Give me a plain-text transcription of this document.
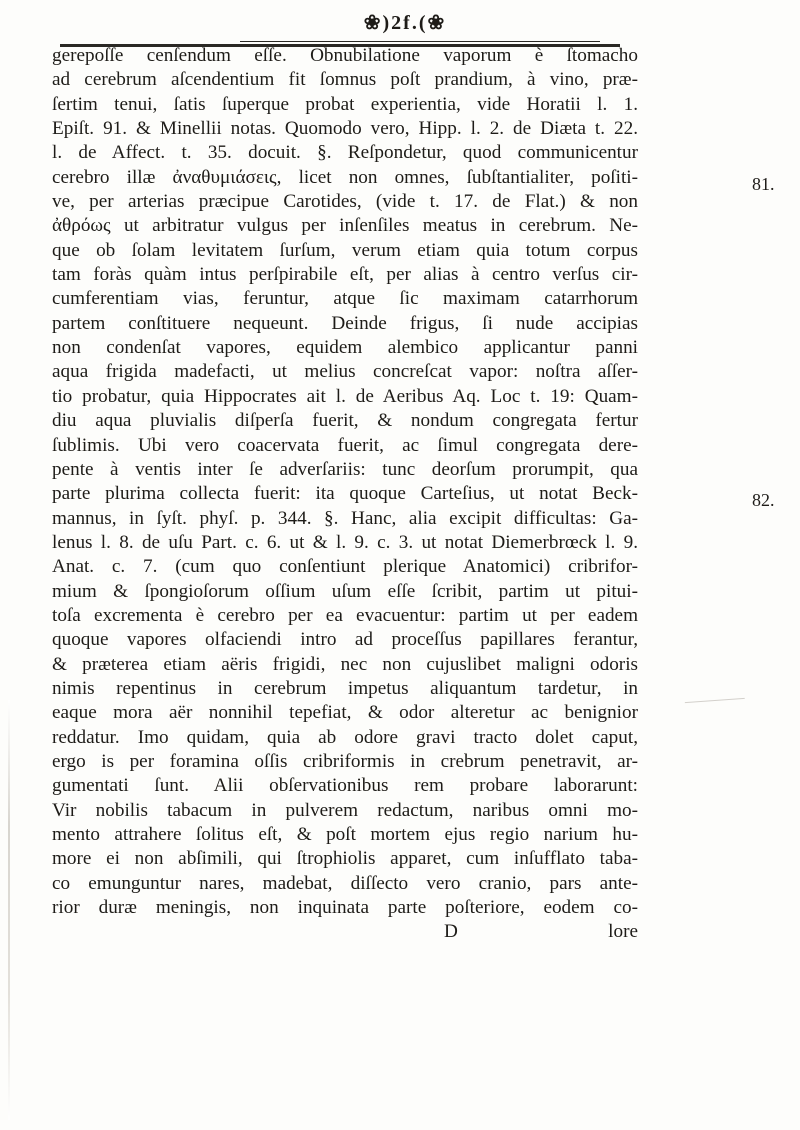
❀)2f.(❀
gerepoſſe cenſendum eſſe. Obnubilatione vaporum è ſtomacho
ad cerebrum aſcendentium fit ſomnus poſt prandium, à vino, præ-
ſertim tenui, ſatis ſuperque probat experientia, vide Horatii l. 1.
Epiſt. 91. & Minellii notas. Quomodo vero, Hipp. l. 2. de Diæta t. 22.
l. de Affect. t. 35. docuit. §. Reſpondetur, quod communicentur
cerebro illæ ἀναθυμιάσεις, licet non omnes, ſubſtantialiter, poſiti-
ve, per arterias præcipue Carotides, (vide t. 17. de Flat.) & non
ἀθρόως ut arbitratur vulgus per inſenſiles meatus in cerebrum. Ne-
que ob ſolam levitatem ſurſum, verum etiam quia totum corpus
tam foràs quàm intus perſpirabile eſt, per alias à centro verſus cir-
cumferentiam vias, feruntur, atque ſic maximam catarrhorum
partem conſtituere nequeunt. Deinde frigus, ſi nude accipias
non condenſat vapores, equidem alembico applicantur panni
aqua frigida madefacti, ut melius concreſcat vapor: noſtra aſſer-
tio probatur, quia Hippocrates ait l. de Aeribus Aq. Loc t. 19: Quam-
diu aqua pluvialis diſperſa fuerit, & nondum congregata fertur
ſublimis. Ubi vero coacervata fuerit, ac ſimul congregata dere-
pente à ventis inter ſe adverſariis: tunc deorſum prorumpit, qua
parte plurima collecta fuerit: ita quoque Carteſius, ut notat Beck-
mannus, in ſyſt. phyſ. p. 344. §. Hanc, alia excipit difficultas: Ga-
lenus l. 8. de uſu Part. c. 6. ut & l. 9. c. 3. ut notat Diemerbrœck l. 9.
Anat. c. 7. (cum quo conſentiunt plerique Anatomici) cribrifor-
mium & ſpongioſorum oſſium uſum eſſe ſcribit, partim ut pitui-
toſa excrementa è cerebro per ea evacuentur: partim ut per eadem
quoque vapores olfaciendi intro ad proceſſus papillares ferantur,
& præterea etiam aëris frigidi, nec non cujuslibet maligni odoris
nimis repentinus in cerebrum impetus aliquantum tardetur, in
eaque mora aër nonnihil tepefiat, & odor alteretur ac benignior
reddatur. Imo quidam, quia ab odore gravi tracto dolet caput,
ergo is per foramina oſſis cribriformis in crebrum penetravit, ar-
gumentati ſunt. Alii obſervationibus rem probare laborarunt:
Vir nobilis tabacum in pulverem redactum, naribus omni mo-
mento attrahere ſolitus eſt, & poſt mortem ejus regio narium hu-
more ei non abſimili, qui ſtrophiolis apparet, cum inſufflato taba-
co emunguntur nares, madebat, diſſecto vero cranio, pars ante-
rior duræ meningis, non inquinata parte poſteriore, eodem co-
81.
82.
D	lore
